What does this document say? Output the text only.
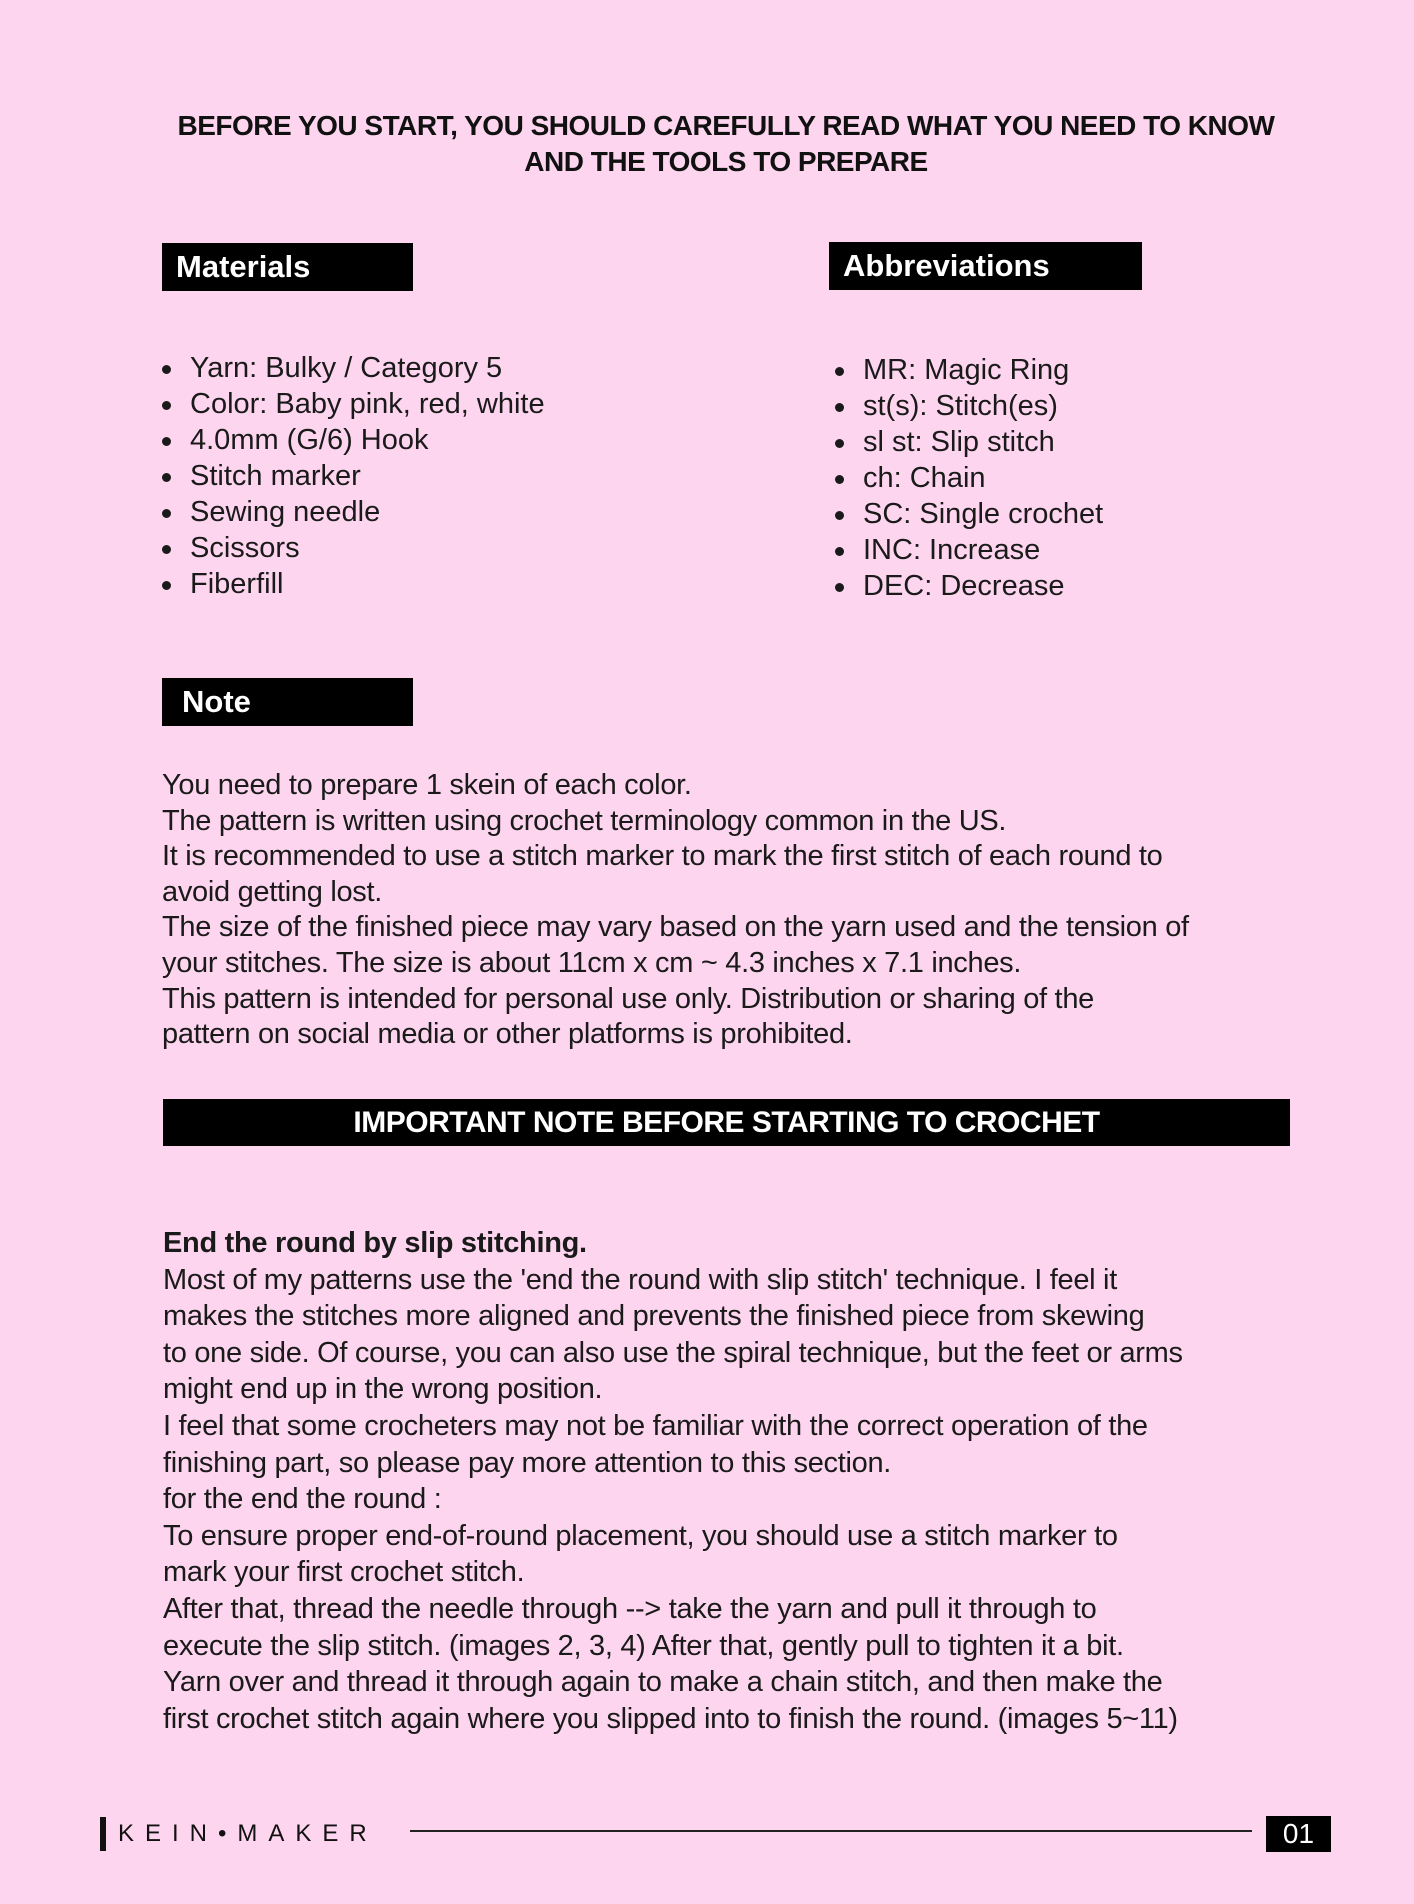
BEFORE YOU START, YOU SHOULD CAREFULLY READ WHAT YOU NEED TO KNOW
AND THE TOOLS TO PREPARE
Materials
Yarn: Bulky / Category 5
Color: Baby pink, red, white
4.0mm (G/6) Hook
Stitch marker
Sewing needle
Scissors
Fiberfill
Abbreviations
MR: Magic Ring
st(s): Stitch(es)
sl st: Slip stitch
ch: Chain
SC: Single crochet
INC: Increase
DEC: Decrease
Note
You need to prepare 1 skein of each color.
The pattern is written using crochet terminology common in the US.
It is recommended to use a stitch marker to mark the first stitch of each round to
avoid getting lost.
The size of the finished piece may vary based on the yarn used and the tension of
your stitches. The size is about 11cm x cm ~ 4.3 inches x 7.1 inches.
This pattern is intended for personal use only. Distribution or sharing of the
pattern on social media or other platforms is prohibited.
IMPORTANT NOTE BEFORE STARTING TO CROCHET
End the round by slip stitching.
Most of my patterns use the 'end the round with slip stitch' technique. I feel it
makes the stitches more aligned and prevents the finished piece from skewing
to one side. Of course, you can also use the spiral technique, but the feet or arms
might end up in the wrong position.
I feel that some crocheters may not be familiar with the correct operation of the
finishing part, so please pay more attention to this section.
for the end the round :
To ensure proper end-of-round placement, you should use a stitch marker to
mark your first crochet stitch.
After that, thread the needle through --> take the yarn and pull it through to
execute the slip stitch. (images 2, 3, 4) After that, gently pull to tighten it a bit.
Yarn over and thread it through again to make a chain stitch, and then make the
first crochet stitch again where you slipped into to finish the round. (images 5~11)
KEIN•MAKER	01
